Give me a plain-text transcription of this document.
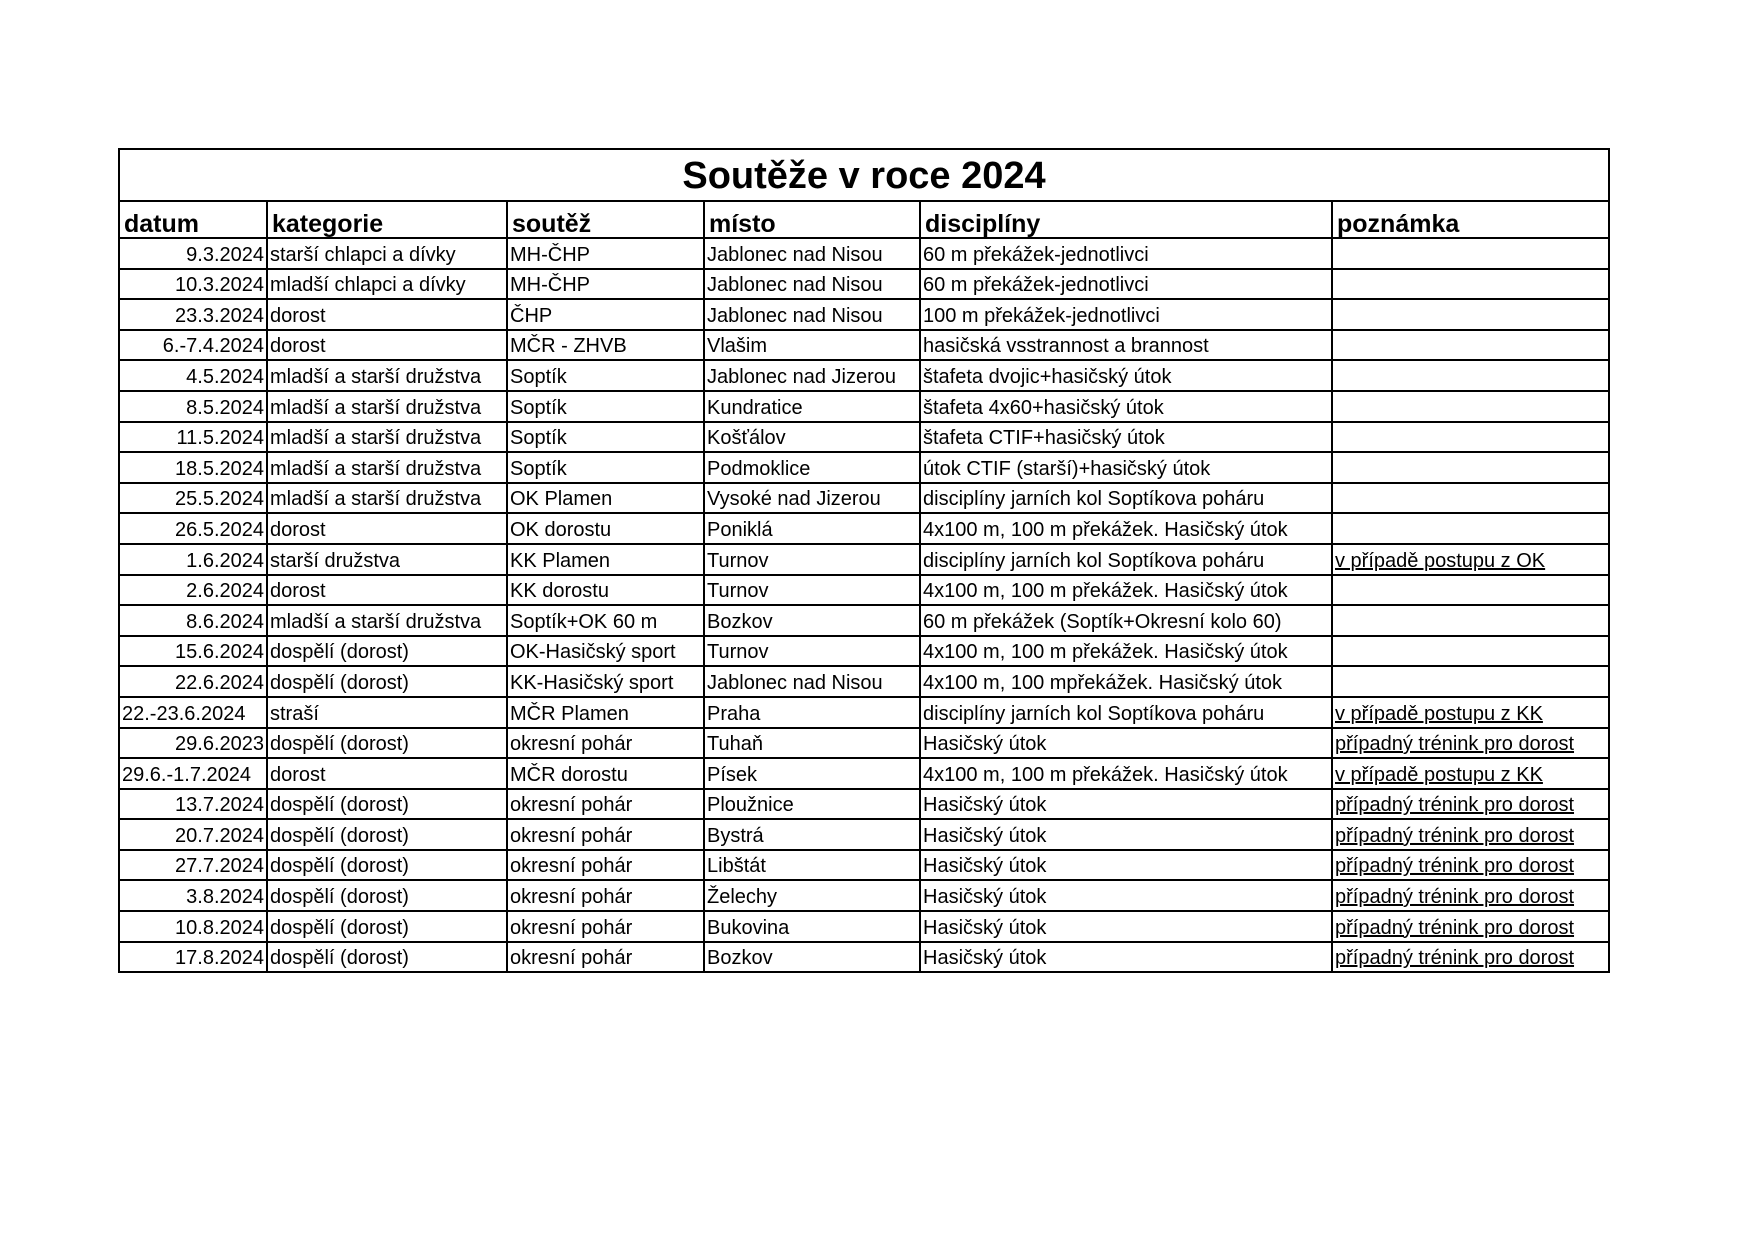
Soutěže v roce 2024
datum	kategorie	soutěž	místo	disciplíny	poznámka
9.3.2024	starší chlapci a dívky	MH-ČHP	Jablonec nad Nisou	60 m překážek-jednotlivci	
10.3.2024	mladší chlapci a dívky	MH-ČHP	Jablonec nad Nisou	60 m překážek-jednotlivci	
23.3.2024	dorost	ČHP	Jablonec nad Nisou	100 m překážek-jednotlivci	
6.-7.4.2024	dorost	MČR - ZHVB	Vlašim	hasičská vsstrannost a brannost	
4.5.2024	mladší a starší družstva	Soptík	Jablonec nad Jizerou	štafeta dvojic+hasičský útok	
8.5.2024	mladší a starší družstva	Soptík	Kundratice	štafeta 4x60+hasičský útok	
11.5.2024	mladší a starší družstva	Soptík	Košťálov	štafeta CTIF+hasičský útok	
18.5.2024	mladší a starší družstva	Soptík	Podmoklice	útok CTIF (starší)+hasičský útok	
25.5.2024	mladší a starší družstva	OK Plamen	Vysoké nad Jizerou	disciplíny jarních kol Soptíkova poháru	
26.5.2024	dorost	OK dorostu	Poniklá	4x100 m, 100 m překážek. Hasičský útok	
1.6.2024	starší družstva	KK Plamen	Turnov	disciplíny jarních kol Soptíkova poháru	v případě postupu z OK
2.6.2024	dorost	KK dorostu	Turnov	4x100 m, 100 m překážek. Hasičský útok	
8.6.2024	mladší a starší družstva	Soptík+OK 60 m	Bozkov	60 m překážek (Soptík+Okresní kolo 60)	
15.6.2024	dospělí (dorost)	OK-Hasičský sport	Turnov	4x100 m, 100 m překážek. Hasičský útok	
22.6.2024	dospělí (dorost)	KK-Hasičský sport	Jablonec nad Nisou	4x100 m, 100 mpřekážek. Hasičský útok	
22.-23.6.2024	straší	MČR Plamen	Praha	disciplíny jarních kol Soptíkova poháru	v případě postupu z KK
29.6.2023	dospělí (dorost)	okresní pohár	Tuhaň	Hasičský útok	případný trénink pro dorost
29.6.-1.7.2024	dorost	MČR dorostu	Písek	4x100 m, 100 m překážek. Hasičský útok	v případě postupu z KK
13.7.2024	dospělí (dorost)	okresní pohár	Ploužnice	Hasičský útok	případný trénink pro dorost
20.7.2024	dospělí (dorost)	okresní pohár	Bystrá	Hasičský útok	případný trénink pro dorost
27.7.2024	dospělí (dorost)	okresní pohár	Libštát	Hasičský útok	případný trénink pro dorost
3.8.2024	dospělí (dorost)	okresní pohár	Želechy	Hasičský útok	případný trénink pro dorost
10.8.2024	dospělí (dorost)	okresní pohár	Bukovina	Hasičský útok	případný trénink pro dorost
17.8.2024	dospělí (dorost)	okresní pohár	Bozkov	Hasičský útok	případný trénink pro dorost
